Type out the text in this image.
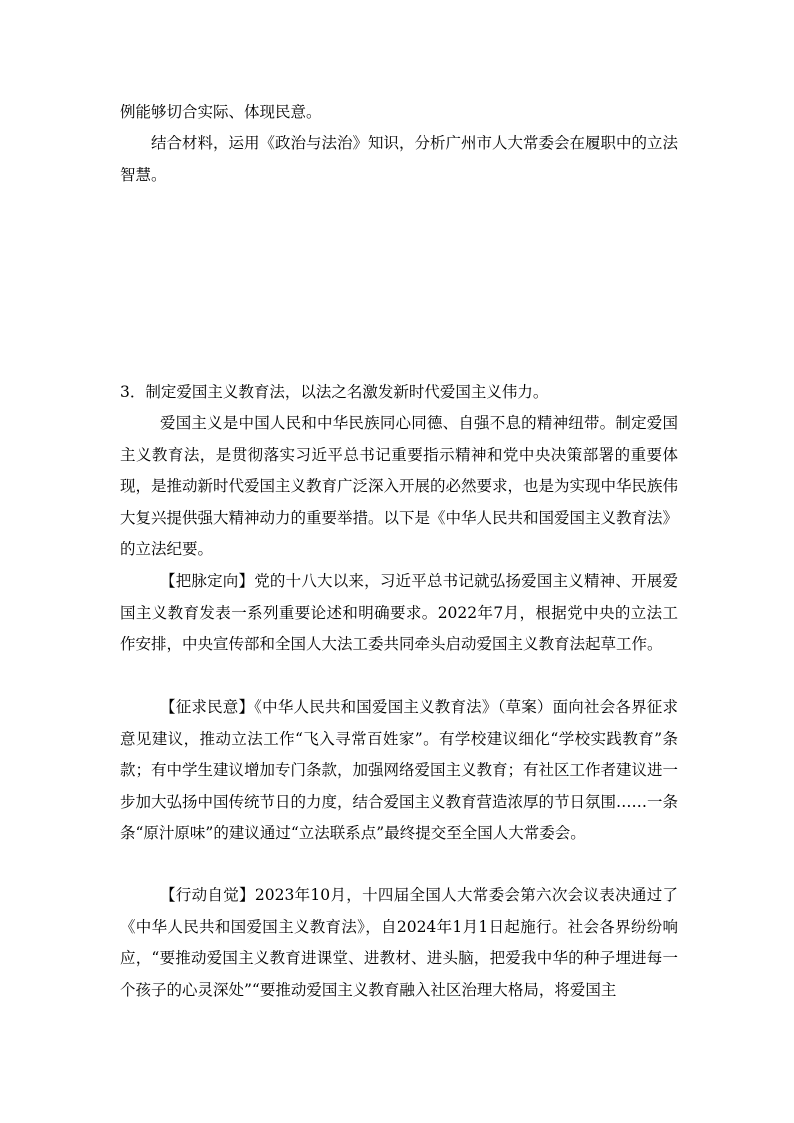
例能够切合实际、体现民意。

结合材料，运用《政治与法治》知识，分析广州市人大常委会在履职中的立法智慧。

3．制定爱国主义教育法，以法之名激发新时代爱国主义伟力。

爱国主义是中国人民和中华民族同心同德、自强不息的精神纽带。制定爱国主义教育法，是贯彻落实习近平总书记重要指示精神和党中央决策部署的重要体现，是推动新时代爱国主义教育广泛深入开展的必然要求，也是为实现中华民族伟大复兴提供强大精神动力的重要举措。以下是《中华人民共和国爱国主义教育法》的立法纪要。

【把脉定向】党的十八大以来，习近平总书记就弘扬爱国主义精神、开展爱国主义教育发表一系列重要论述和明确要求。2022年7月，根据党中央的立法工作安排，中央宣传部和全国人大法工委共同牵头启动爱国主义教育法起草工作。

【征求民意】《中华人民共和国爱国主义教育法》（草案）面向社会各界征求意见建议，推动立法工作“飞入寻常百姓家”。有学校建议细化“学校实践教育”条款；有中学生建议增加专门条款，加强网络爱国主义教育；有社区工作者建议进一步加大弘扬中国传统节日的力度，结合爱国主义教育营造浓厚的节日氛围……一条条“原汁原味”的建议通过“立法联系点”最终提交至全国人大常委会。

【行动自觉】2023年10月，十四届全国人大常委会第六次会议表决通过了《中华人民共和国爱国主义教育法》，自2024年1月1日起施行。社会各界纷纷响应，“要推动爱国主义教育进课堂、进教材、进头脑，把爱我中华的种子埋进每一个孩子的心灵深处”“要推动爱国主义教育融入社区治理大格局，将爱国主
